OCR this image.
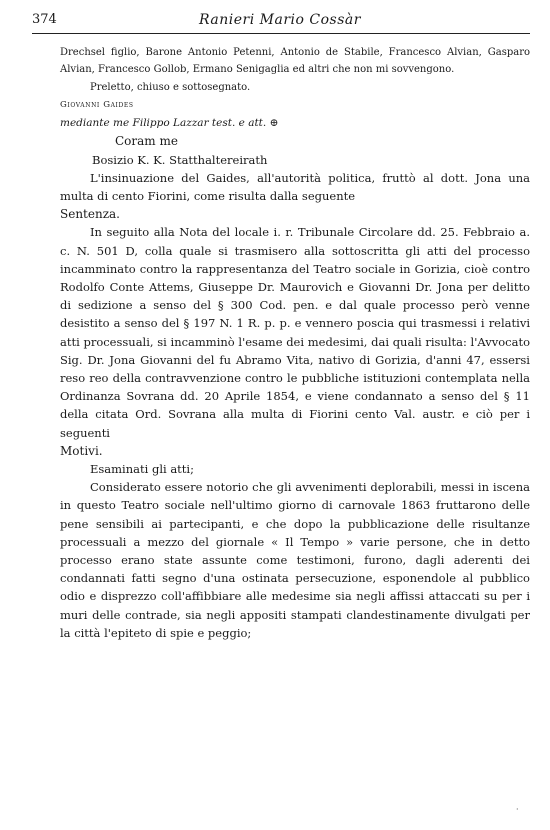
374	Ranieri Mario Cossàr

Drechsel figlio, Barone Antonio Petenni, Antonio de Stabile, Francesco Alvian, Gasparo Alvian, Francesco Gollob, Ermano Senigaglia ed altri che non mi sovvengono.

Preletto, chiuso e sottosegnato.

Giovanni Gaides

mediante me Filippo Lazzar test. e att. ⊕

Coram me

Bosizio K. K. Statthaltereirath

L'insinuazione del Gaides, all'autorità politica, fruttò al dott. Jona una multa di cento Fiorini, come risulta dalla seguente

Sentenza.

In seguito alla Nota del locale i. r. Tribunale Circolare dd. 25. Febbraio a. c. N. 501 D, colla quale si trasmisero alla sottoscritta gli atti del processo incamminato contro la rappresentanza del Teatro sociale in Gorizia, cioè contro Rodolfo Conte Attems, Giuseppe Dr. Maurovich e Giovanni Dr. Jona per delitto di sedizione a senso del § 300 Cod. pen. e dal quale processo però venne desistito a senso del § 197 N. 1 R. p. p. e vennero poscia qui trasmessi i relativi atti processuali, si incamminò l'esame dei medesimi, dai quali risulta: l'Avvocato Sig. Dr. Jona Giovanni del fu Abramo Vita, nativo di Gorizia, d'anni 47, essersi reso reo della contravvenzione contro le pubbliche istituzioni contemplata nella Ordinanza Sovrana dd. 20 Aprile 1854, e viene condannato a senso del § 11 della citata Ord. Sovrana alla multa di Fiorini cento Val. austr. e ciò per i seguenti

Motivi.

Esaminati gli atti;

Considerato essere notorio che gli avvenimenti deplorabili, messi in iscena in questo Teatro sociale nell'ultimo giorno di carnovale 1863 fruttarono delle pene sensibili ai partecipanti, e che dopo la pubblicazione delle risultanze processuali a mezzo del giornale « Il Tempo » varie persone, che in detto processo erano state assunte come testimoni, furono, dagli aderenti dei condannati fatti segno d'una ostinata persecuzione, esponendole al pubblico odio e disprezzo coll'affibbiare alle medesime sia negli affissi attaccati su per i muri delle contrade, sia negli appositi stampati clandestinamente divulgati per la città l'epiteto di spie e peggio;

·
